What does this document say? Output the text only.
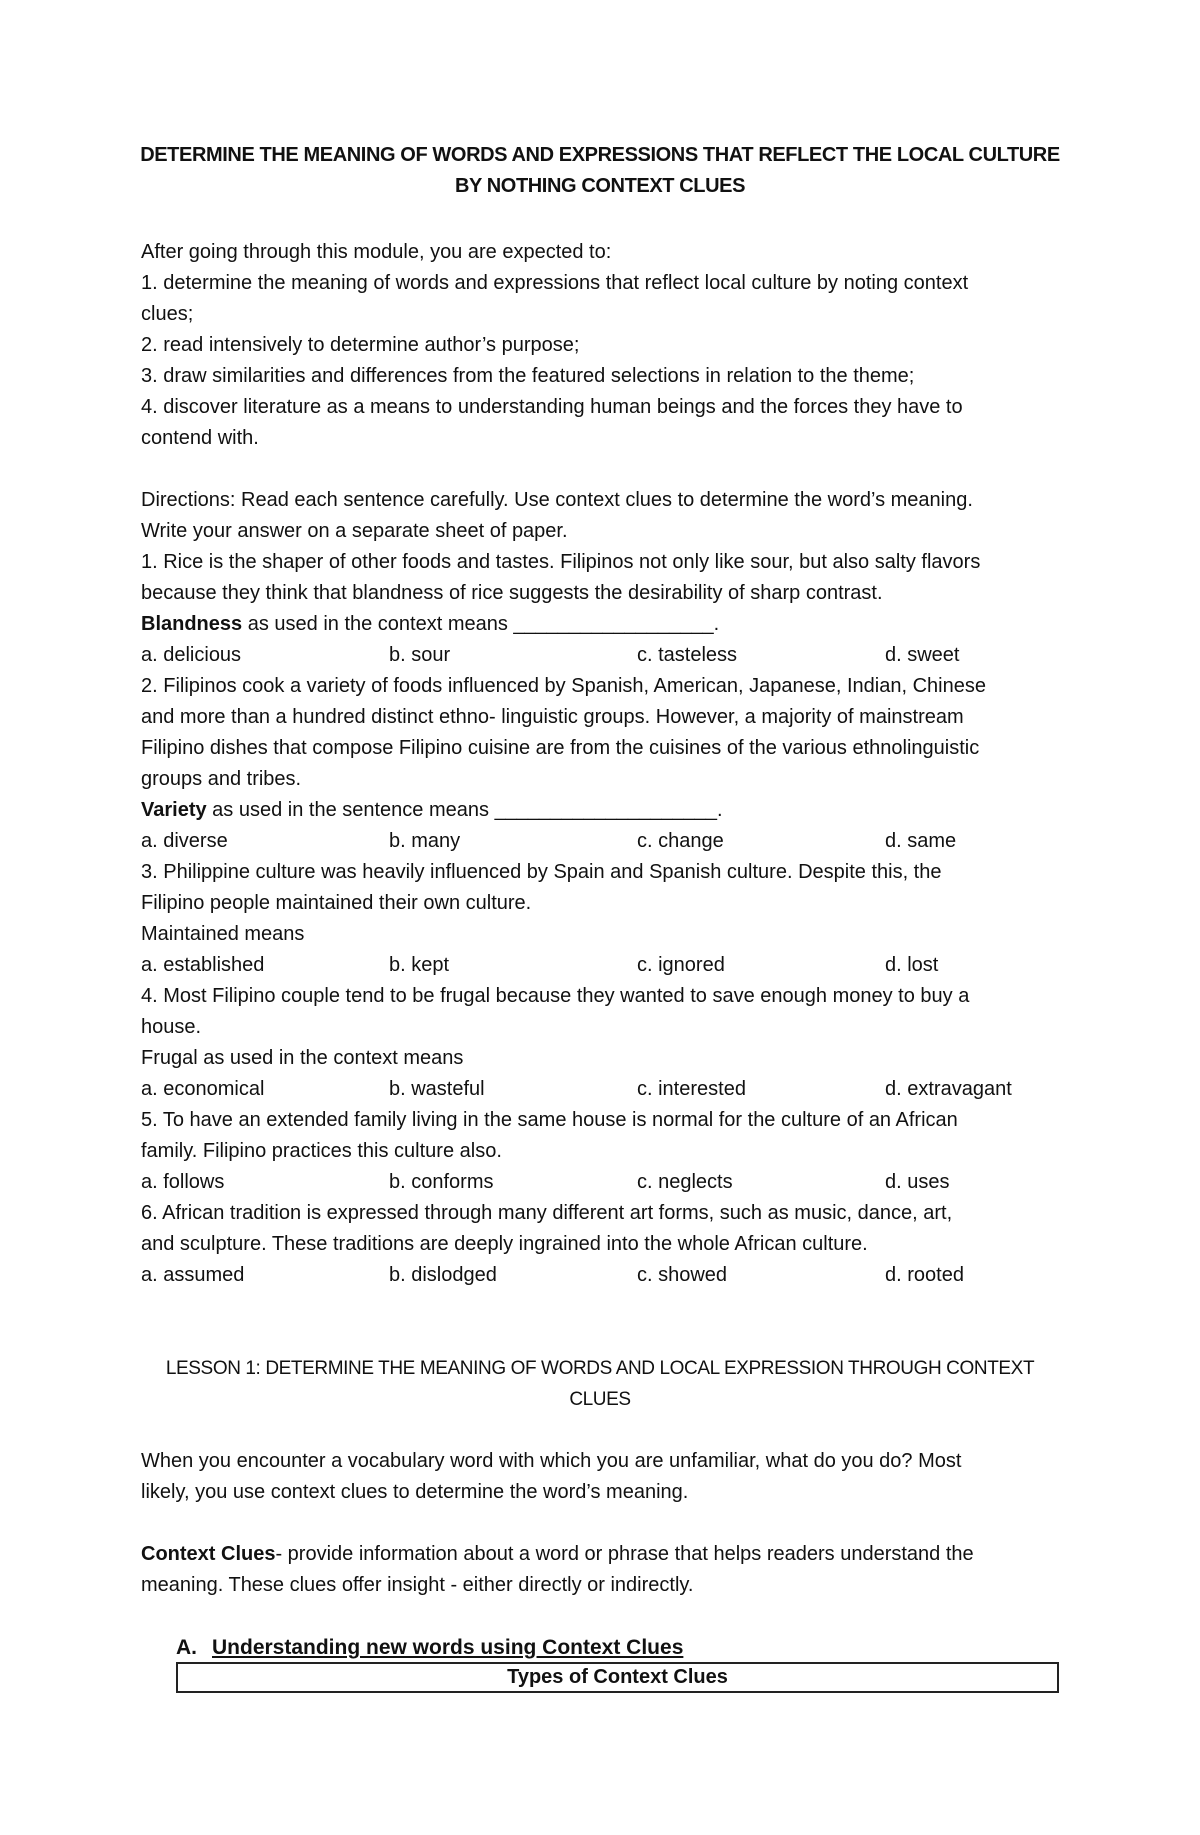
DETERMINE THE MEANING OF WORDS AND EXPRESSIONS THAT REFLECT THE LOCAL CULTURE
BY NOTHING CONTEXT CLUES
After going through this module, you are expected to:
1. determine the meaning of words and expressions that reflect local culture by noting context
clues;
2. read intensively to determine author’s purpose;
3. draw similarities and differences from the featured selections in relation to the theme;
4. discover literature as a means to understanding human beings and the forces they have to
contend with.
Directions: Read each sentence carefully. Use context clues to determine the word’s meaning.
Write your answer on a separate sheet of paper.
1. Rice is the shaper of other foods and tastes. Filipinos not only like sour, but also salty flavors
because they think that blandness of rice suggests the desirability of sharp contrast.
Blandness as used in the context means __________________.
a. delicious	b. sour	c. tasteless	d. sweet
2. Filipinos cook a variety of foods influenced by Spanish, American, Japanese, Indian, Chinese
and more than a hundred distinct ethno- linguistic groups. However, a majority of mainstream
Filipino dishes that compose Filipino cuisine are from the cuisines of the various ethnolinguistic
groups and tribes.
Variety as used in the sentence means ____________________.
a. diverse	b. many	c. change	d. same
3. Philippine culture was heavily influenced by Spain and Spanish culture. Despite this, the
Filipino people maintained their own culture.
Maintained means
a. established	b. kept	c. ignored	d. lost
4. Most Filipino couple tend to be frugal because they wanted to save enough money to buy a
house.
Frugal as used in the context means
a. economical	b. wasteful	c. interested	d. extravagant
5. To have an extended family living in the same house is normal for the culture of an African
family. Filipino practices this culture also.
a. follows	b. conforms	c. neglects	d. uses
6. African tradition is expressed through many different art forms, such as music, dance, art,
and sculpture. These traditions are deeply ingrained into the whole African culture.
a. assumed	b. dislodged	c. showed	d. rooted
LESSON 1: DETERMINE THE MEANING OF WORDS AND LOCAL EXPRESSION THROUGH CONTEXT
CLUES
When you encounter a vocabulary word with which you are unfamiliar, what do you do? Most
likely, you use context clues to determine the word’s meaning.
Context Clues- provide information about a word or phrase that helps readers understand the
meaning. These clues offer insight - either directly or indirectly.
A. Understanding new words using Context Clues
Types of Context Clues
